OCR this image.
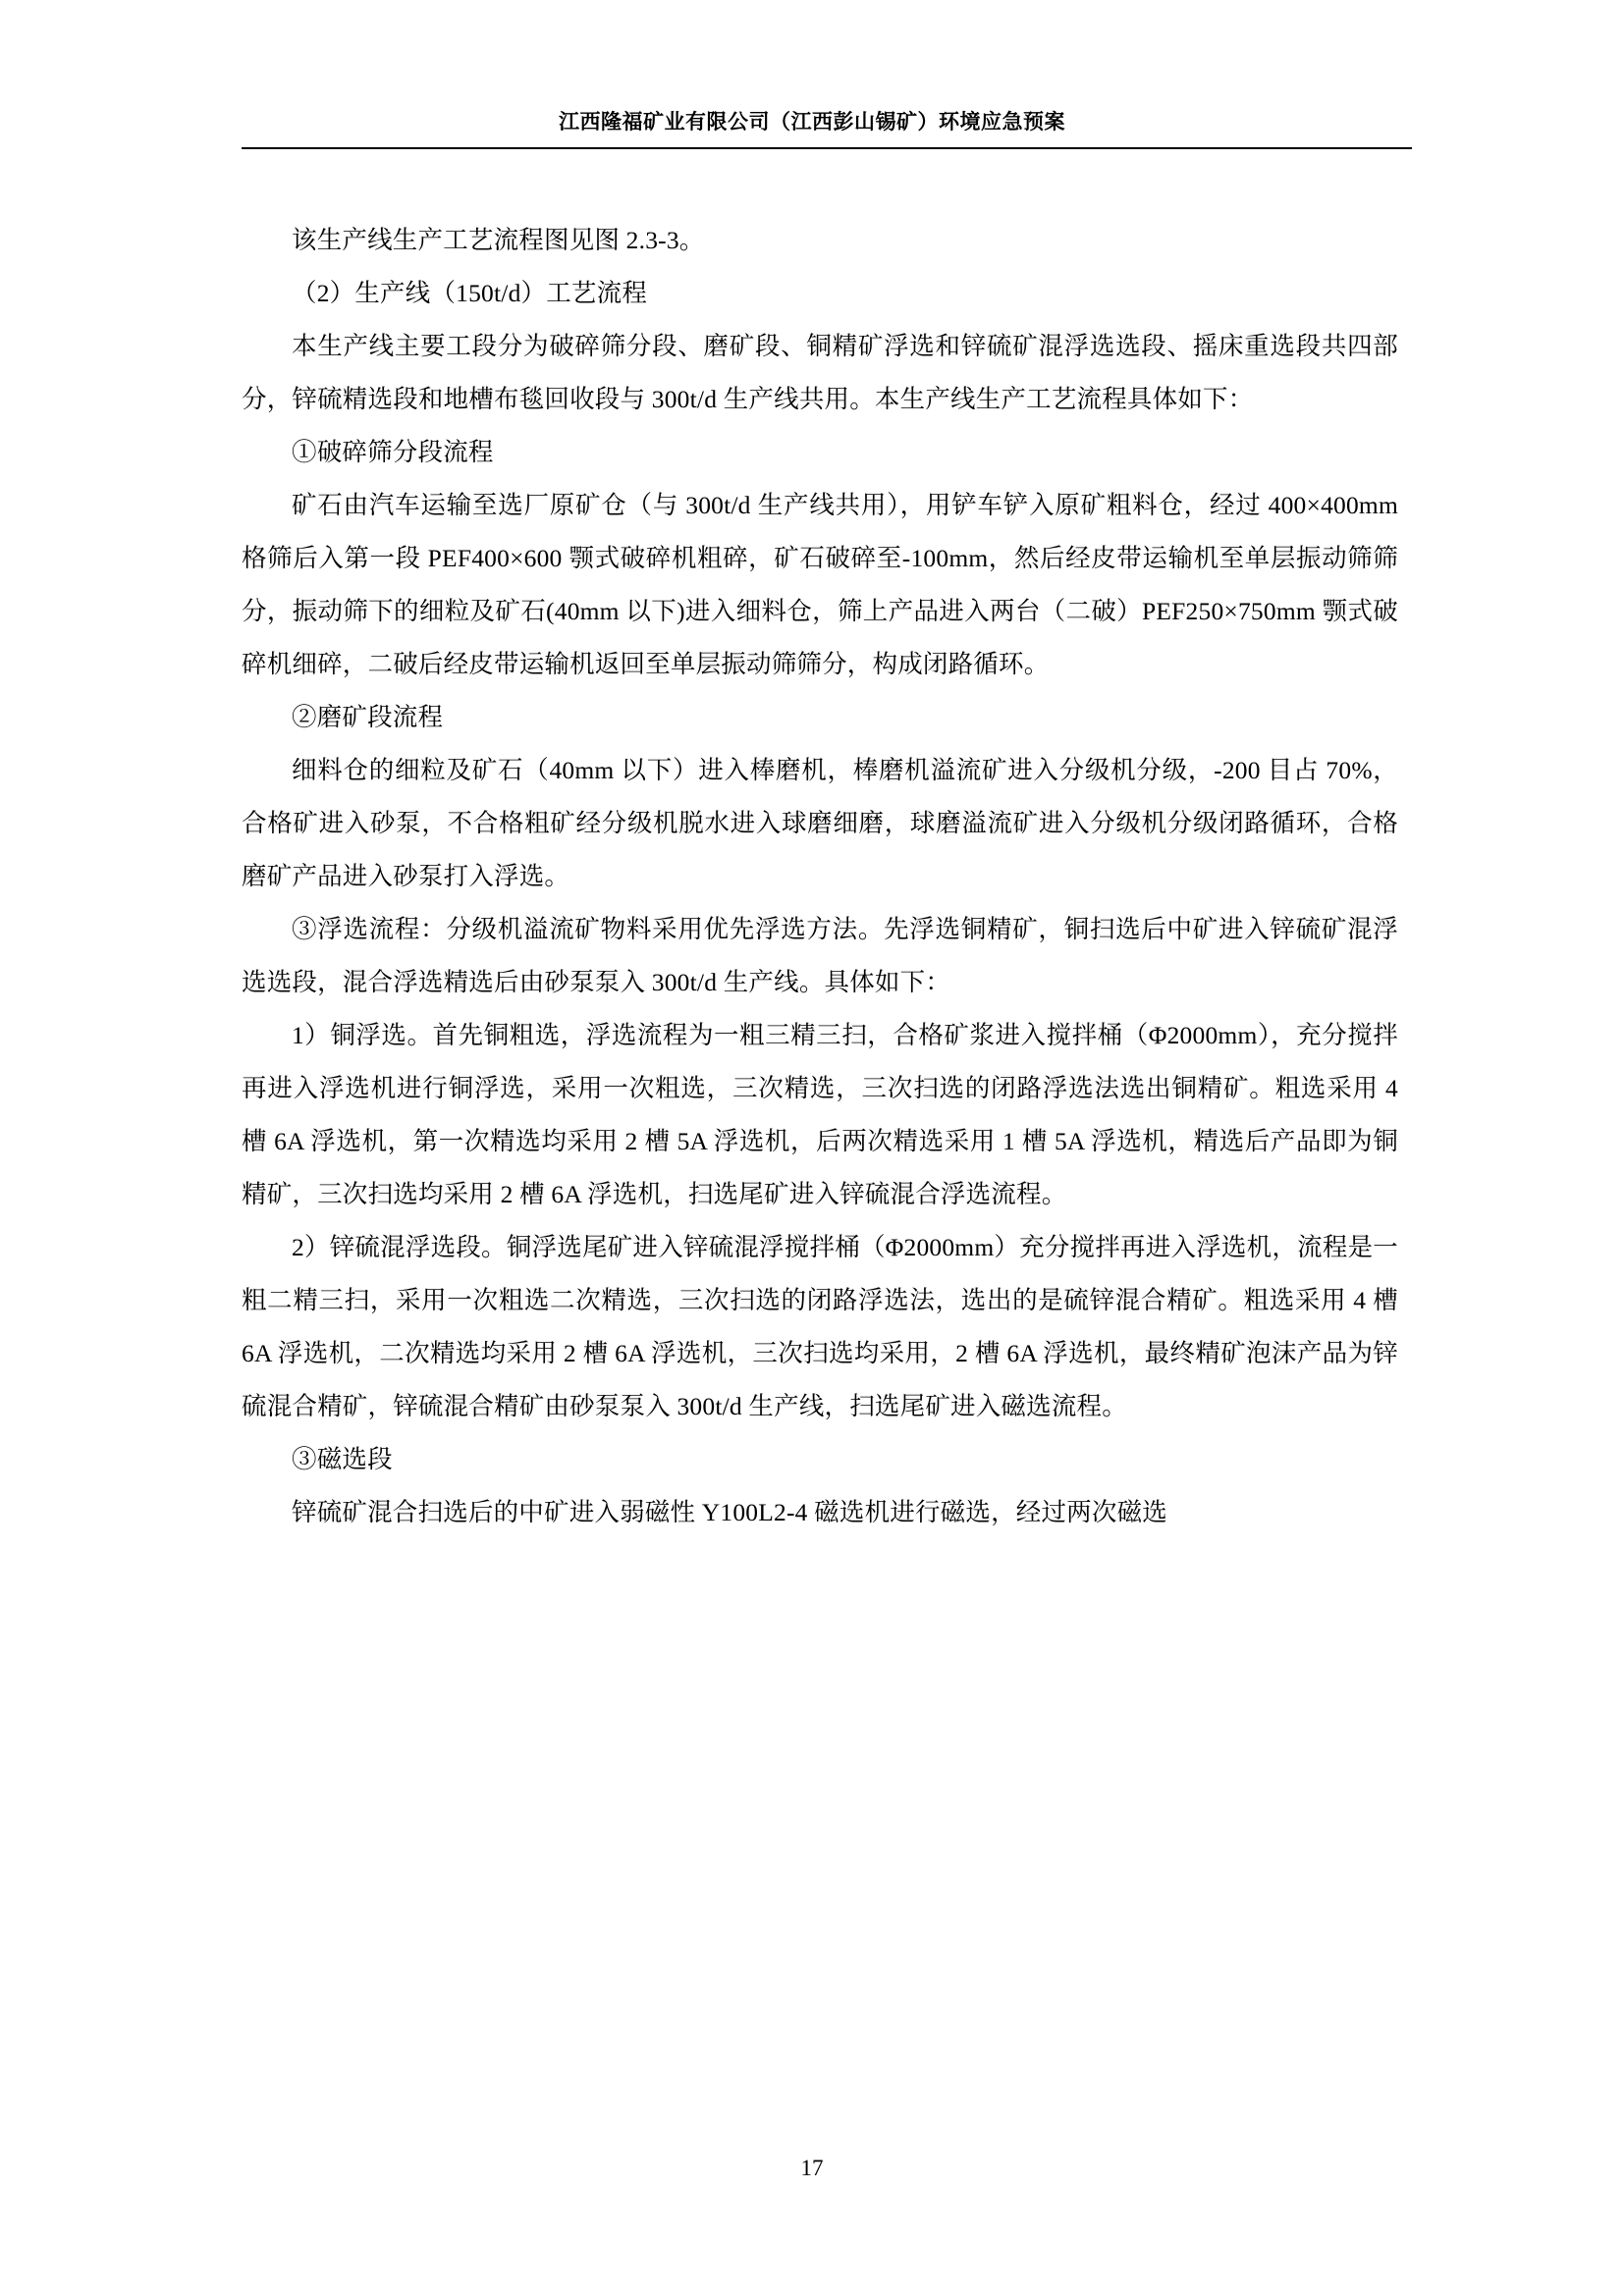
江西隆福矿业有限公司（江西彭山锡矿）环境应急预案

该生产线生产工艺流程图见图 2.3-3。

（2）生产线（150t/d）工艺流程

本生产线主要工段分为破碎筛分段、磨矿段、铜精矿浮选和锌硫矿混浮选选段、摇床重选段共四部分，锌硫精选段和地槽布毯回收段与 300t/d 生产线共用。本生产线生产工艺流程具体如下：

①破碎筛分段流程

矿石由汽车运输至选厂原矿仓（与 300t/d 生产线共用），用铲车铲入原矿粗料仓，经过 400×400mm 格筛后入第一段 PEF400×600 颚式破碎机粗碎，矿石破碎至-100mm，然后经皮带运输机至单层振动筛筛分，振动筛下的细粒及矿石(40mm 以下)进入细料仓，筛上产品进入两台（二破）PEF250×750mm 颚式破碎机细碎，二破后经皮带运输机返回至单层振动筛筛分，构成闭路循环。

②磨矿段流程

细料仓的细粒及矿石（40mm 以下）进入棒磨机，棒磨机溢流矿进入分级机分级，-200 目占 70%，合格矿进入砂泵，不合格粗矿经分级机脱水进入球磨细磨，球磨溢流矿进入分级机分级闭路循环，合格磨矿产品进入砂泵打入浮选。

③浮选流程：分级机溢流矿物料采用优先浮选方法。先浮选铜精矿，铜扫选后中矿进入锌硫矿混浮选选段，混合浮选精选后由砂泵泵入 300t/d 生产线。具体如下：

1）铜浮选。首先铜粗选，浮选流程为一粗三精三扫，合格矿浆进入搅拌桶（Φ2000mm），充分搅拌再进入浮选机进行铜浮选，采用一次粗选，三次精选，三次扫选的闭路浮选法选出铜精矿。粗选采用 4 槽 6A 浮选机，第一次精选均采用 2 槽 5A 浮选机，后两次精选采用 1 槽 5A 浮选机，精选后产品即为铜精矿，三次扫选均采用 2 槽 6A 浮选机，扫选尾矿进入锌硫混合浮选流程。

2）锌硫混浮选段。铜浮选尾矿进入锌硫混浮搅拌桶（Φ2000mm）充分搅拌再进入浮选机，流程是一粗二精三扫，采用一次粗选二次精选，三次扫选的闭路浮选法，选出的是硫锌混合精矿。粗选采用 4 槽 6A 浮选机，二次精选均采用 2 槽 6A 浮选机，三次扫选均采用，2 槽 6A 浮选机，最终精矿泡沫产品为锌硫混合精矿，锌硫混合精矿由砂泵泵入 300t/d 生产线，扫选尾矿进入磁选流程。

③磁选段

锌硫矿混合扫选后的中矿进入弱磁性 Y100L2-4 磁选机进行磁选，经过两次磁选

17
